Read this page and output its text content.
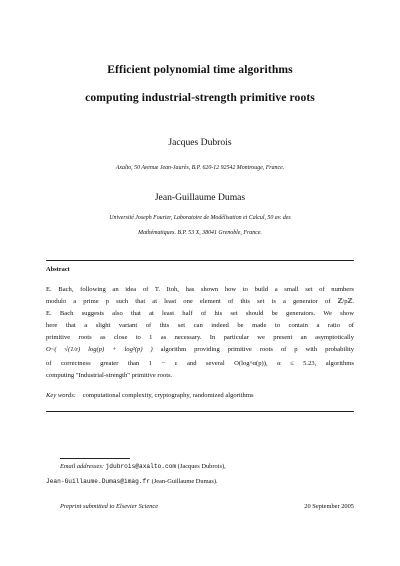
Efficient polynomial time algorithms
computing industrial-strength primitive roots
Jacques Dubrois
Axalto, 50 Avenue Jean-Jaurès, B.P. 620-12 92542 Montrouge, France.
Jean-Guillaume Dumas
Université Joseph Fourier, Laboratoire de Modélisation et Calcul, 50 av. des
Mathématiques. B.P. 53 X, 38041 Grenoble, France.
Abstract
E. Bach, following an idea of T. Itoh, has shown how to build a small set of numbers
modulo a prime p such that at least one element of this set is a generator of ℤ/pℤ.
E. Bach suggests also that at least half of his set should be generators. We show
here that a slight variant of this set can indeed be made to contain a ratio of
primitive roots as close to 1 as necessary. In particular we present an asymptotically
O~( √(1/ε) log(p) + log²(p) ) algorithm providing primitive roots of p with probability
of correctness greater than 1 − ε and several O(log^α(p)), α ≤ 5.23, algorithms
computing "Industrial-strength" primitive roots.
Key words: computational complexity, cryptography, randomized algorithms
Email addresses: jdubrois@axalto.com (Jacques Dubrois),
Jean-Guillaume.Dumas@imag.fr (Jean-Guillaume Dumas).
Preprint submitted to Elsevier Science	20 September 2005
